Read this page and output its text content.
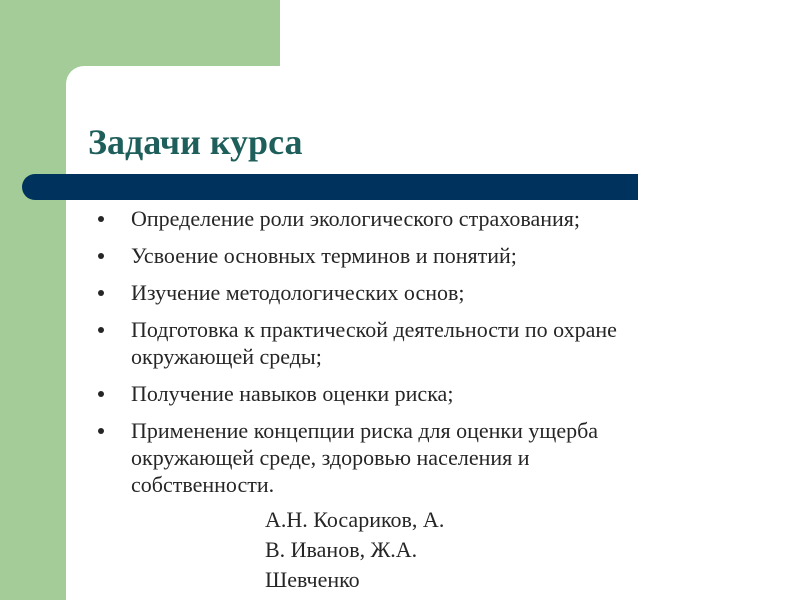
Задачи курса
Определение роли экологического страхования;
Усвоение основных терминов и понятий;
Изучение методологических основ;
Подготовка к практической деятельности по охране
окружающей среды;
Получение навыков оценки риска;
Применение концепции риска для оценки ущерба
окружающей среде, здоровью населения и
собственности.
А.Н. Косариков, А.
В. Иванов, Ж.А.
Шевченко
